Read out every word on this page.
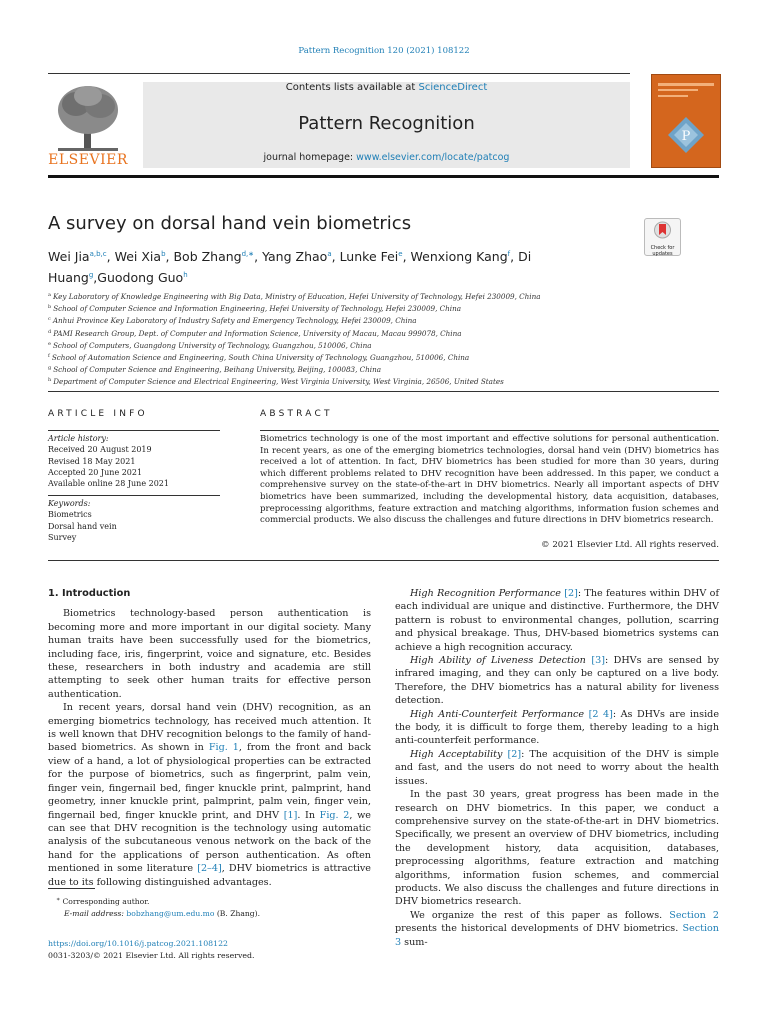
Pattern Recognition 120 (2021) 108122
ELSEVIER
Contents lists available at ScienceDirect
Pattern Recognition
journal homepage: www.elsevier.com/locate/patcog
P
A survey on dorsal hand vein biometrics
Check for
updates
Wei Jia$^{a,b,c}$, Wei Xia$^b$, Bob Zhang$^{d,∗}$, Yang Zhao$^a$, Lunke Fei$^e$, Wenxiong Kang$^f$, Di Huang$^g$,Guodong Guo$^h$
$^a$ Key Laboratory of Knowledge Engineering with Big Data, Ministry of Education, Hefei University of Technology, Hefei 230009, China
$^b$ School of Computer Science and Information Engineering, Hefei University of Technology, Hefei 230009, China
$^c$ Anhui Province Key Laboratory of Industry Safety and Emergency Technology, Hefei 230009, China
$^d$ PAMI Research Group, Dept. of Computer and Information Science, University of Macau, Macau 999078, China
$^e$ School of Computers, Guangdong University of Technology, Guangzhou, 510006, China
$^f$ School of Automation Science and Engineering, South China University of Technology, Guangzhou, 510006, China
$^g$ School of Computer Science and Engineering, Beihang University, Beijing, 100083, China
$^h$ Department of Computer Science and Electrical Engineering, West Virginia University, West Virginia, 26506, United States
ARTICLE INFO
Article history:
Received 20 August 2019
Revised 18 May 2021
Accepted 20 June 2021
Available online 28 June 2021
Keywords:
Biometrics
Dorsal hand vein
Survey
ABSTRACT
Biometrics technology is one of the most important and effective solutions for personal authentication. In recent years, as one of the emerging biometrics technologies, dorsal hand vein (DHV) biometrics has received a lot of attention. In fact, DHV biometrics has been studied for more than 30 years, during which different problems related to DHV recognition have been addressed. In this paper, we conduct a comprehensive survey on the state-of-the-art in DHV biometrics. Nearly all important aspects of DHV biometrics have been summarized, including the developmental history, data acquisition, databases, preprocessing algorithms, feature extraction and matching algorithms, information fusion schemes and commercial products. We also discuss the challenges and future directions in DHV biometrics research.
© 2021 Elsevier Ltd. All rights reserved.

1. Introduction

Biometrics technology-based person authentication is becoming more and more important in our digital society. Many human traits have been successfully used for the biometrics, including face, iris, fingerprint, voice and signature, etc. Besides these, researchers in both industry and academia are still attempting to seek other human traits for effective person authentication.

In recent years, dorsal hand vein (DHV) recognition, as an emerging biometrics technology, has received much attention. It is well known that DHV recognition belongs to the family of hand-based biometrics. As shown in Fig. 1, from the front and back view of a hand, a lot of physiological properties can be extracted for the purpose of biometrics, such as fingerprint, palm vein, finger vein, fingernail bed, finger knuckle print, palmprint, hand geometry, inner knuckle print, palmprint, palm vein, finger vein, fingernail bed, finger knuckle print, and DHV [1]. In Fig. 2, we can see that DHV recognition is the technology using automatic analysis of the subcutaneous venous network on the back of the hand for the applications of person authentication. As often mentioned in some literature [2–4], DHV biometrics is attractive due to its following distinguished advantages.

High Recognition Performance [2]: The features within DHV of each individual are unique and distinctive. Furthermore, the DHV pattern is robust to environmental changes, pollution, scarring and physical breakage. Thus, DHV-based biometrics systems can achieve a high recognition accuracy.

High Ability of Liveness Detection [3]: DHVs are sensed by infrared imaging, and they can only be captured on a live body. Therefore, the DHV biometrics has a natural ability for liveness detection.

High Anti-Counterfeit Performance [2 4]: As DHVs are inside the body, it is difficult to forge them, thereby leading to a high anti-counterfeit performance.

High Acceptability [2]: The acquisition of the DHV is simple and fast, and the users do not need to worry about the health issues.

In the past 30 years, great progress has been made in the research on DHV biometrics. In this paper, we conduct a comprehensive survey on the state-of-the-art in DHV biometrics. Specifically, we present an overview of DHV biometrics, including the development history, data acquisition, databases, preprocessing algorithms, feature extraction and matching algorithms, information fusion schemes, and commercial products. We also discuss the challenges and future directions in DHV biometrics research.

We organize the rest of this paper as follows. Section 2 presents the historical developments of DHV biometrics. Section 3 sum-

∗ Corresponding author.
E-mail address: bobzhang@um.edu.mo (B. Zhang).
https://doi.org/10.1016/j.patcog.2021.108122
0031-3203/© 2021 Elsevier Ltd. All rights reserved.
